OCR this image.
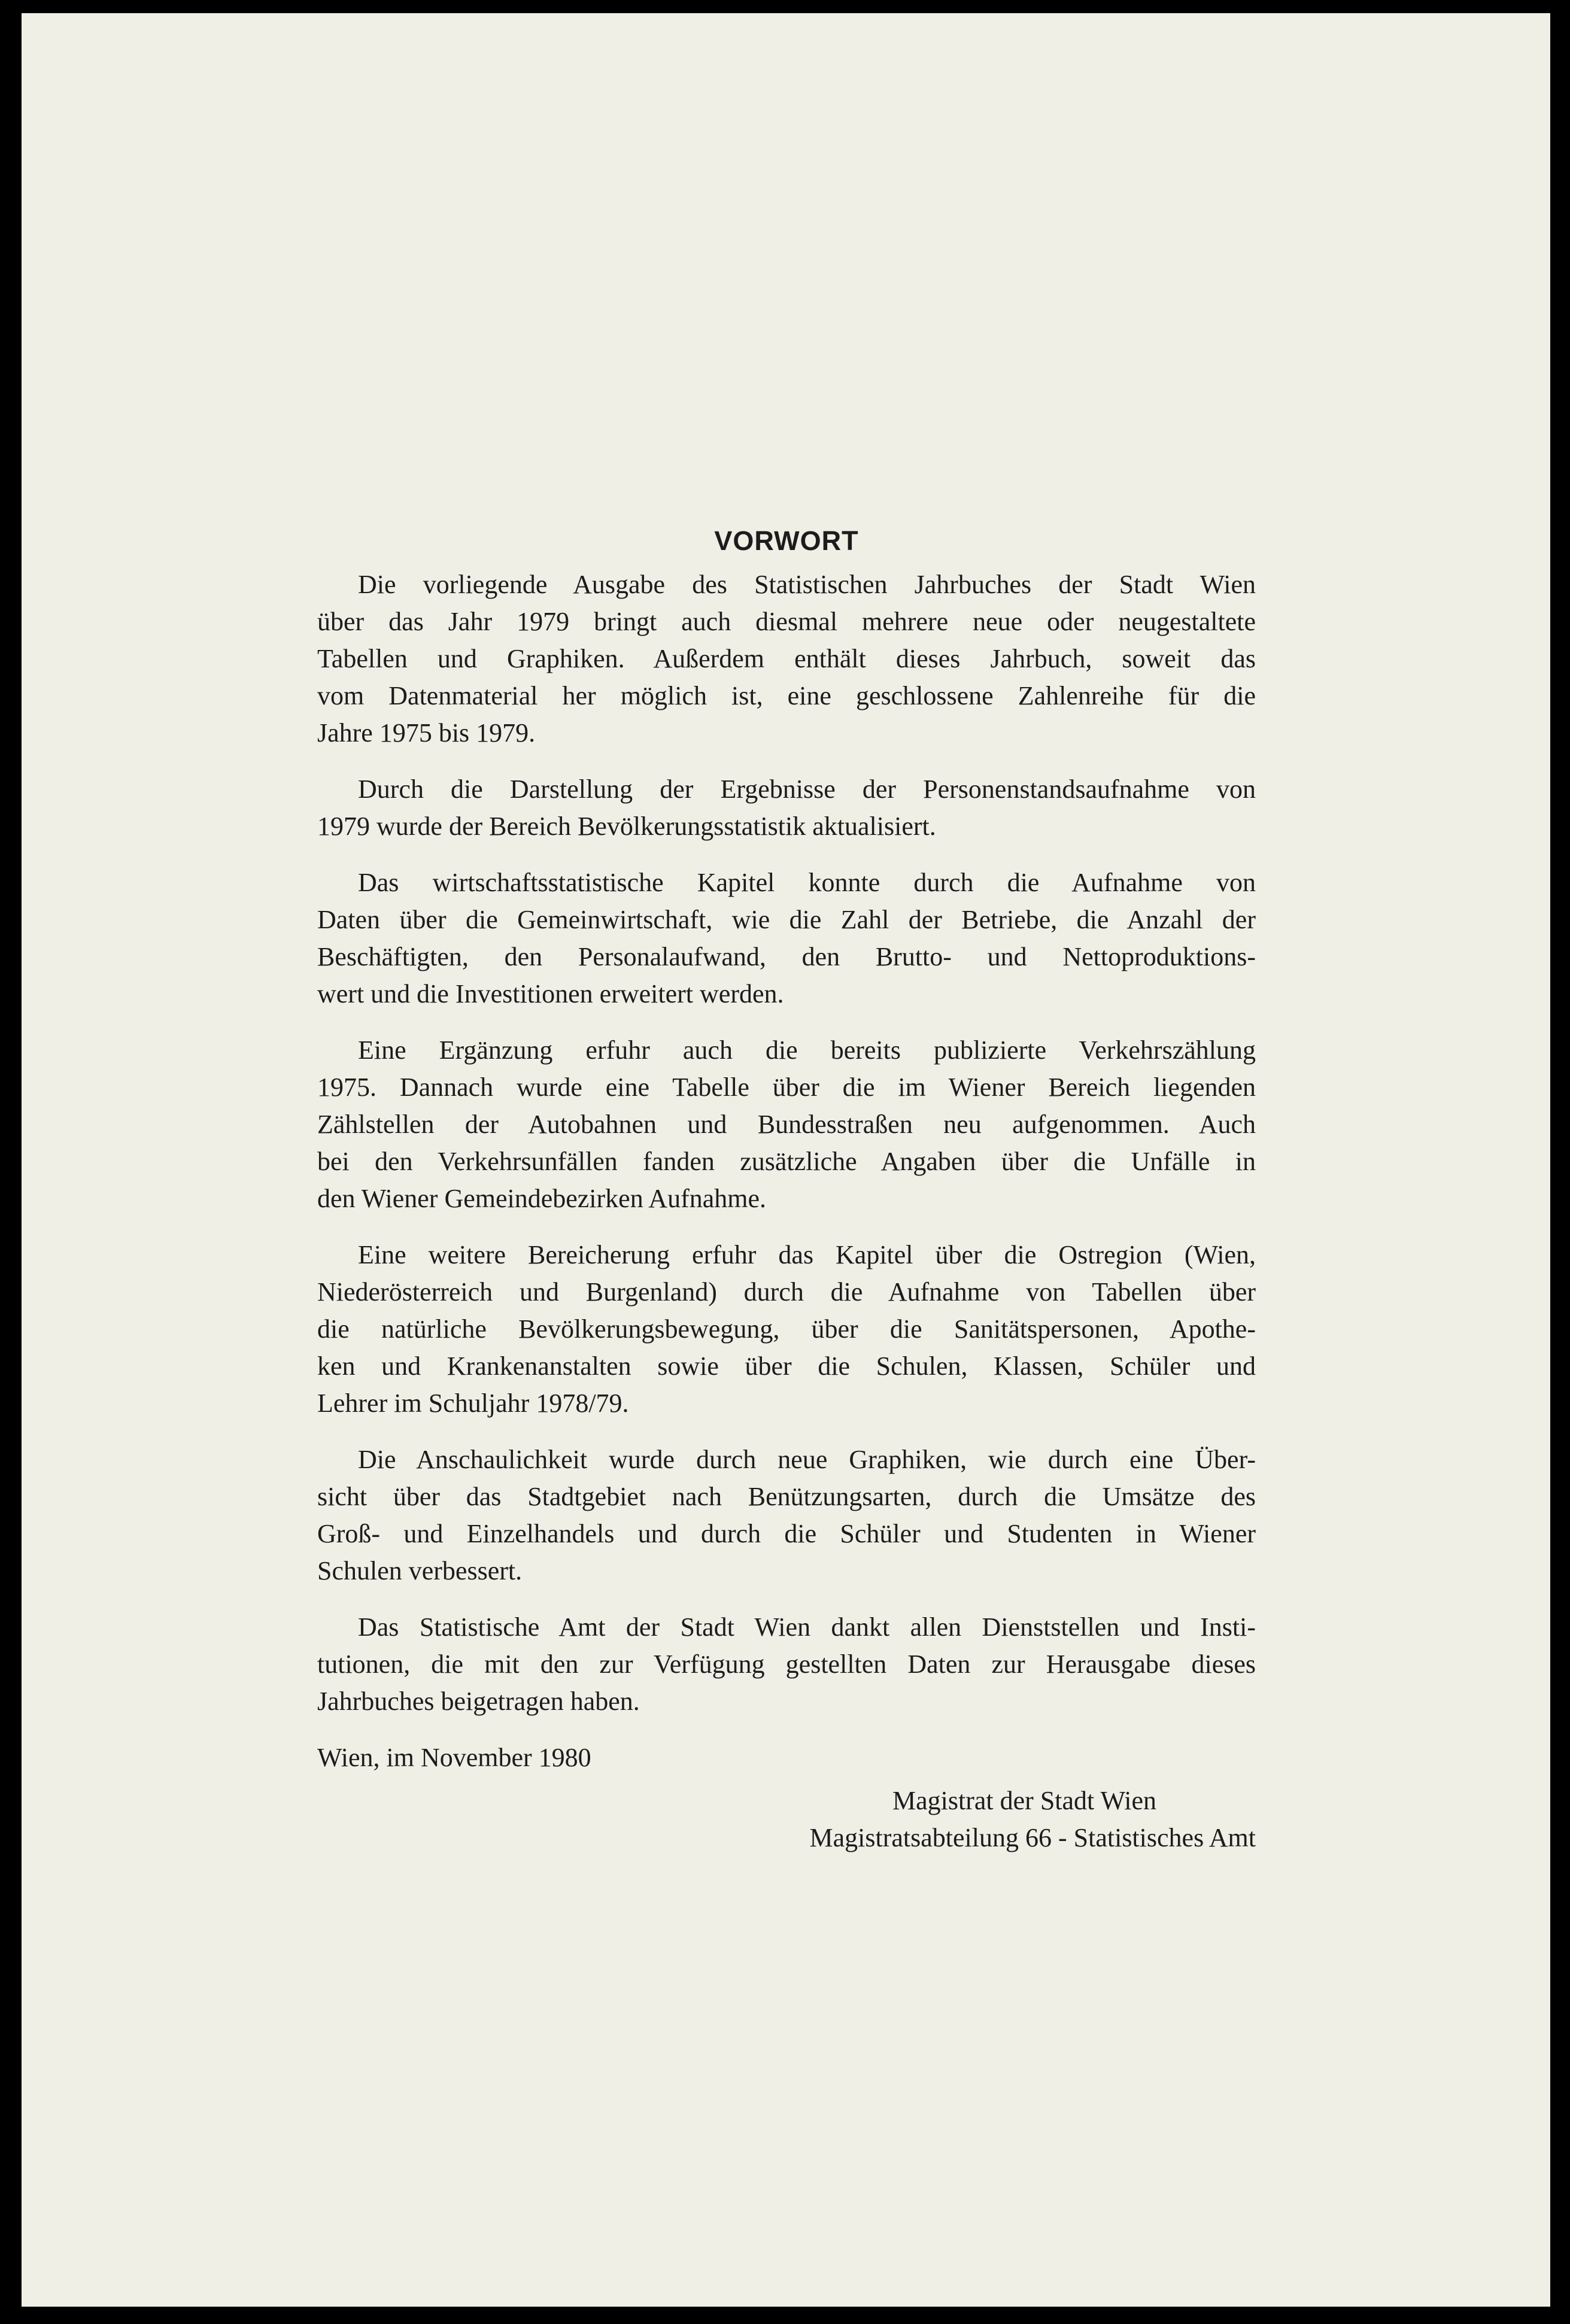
VORWORT
Die vorliegende Ausgabe des Statistischen Jahrbuches der Stadt Wien
über das Jahr 1979 bringt auch diesmal mehrere neue oder neugestaltete
Tabellen und Graphiken. Außerdem enthält dieses Jahrbuch, soweit das
vom Datenmaterial her möglich ist, eine geschlossene Zahlenreihe für die
Jahre 1975 bis 1979.
Durch die Darstellung der Ergebnisse der Personenstandsaufnahme von
1979 wurde der Bereich Bevölkerungsstatistik aktualisiert.
Das wirtschaftsstatistische Kapitel konnte durch die Aufnahme von
Daten über die Gemeinwirtschaft, wie die Zahl der Betriebe, die Anzahl der
Beschäftigten, den Personalaufwand, den Brutto- und Nettoproduktions-
wert und die Investitionen erweitert werden.
Eine Ergänzung erfuhr auch die bereits publizierte Verkehrszählung
1975. Dannach wurde eine Tabelle über die im Wiener Bereich liegenden
Zählstellen der Autobahnen und Bundesstraßen neu aufgenommen. Auch
bei den Verkehrsunfällen fanden zusätzliche Angaben über die Unfälle in
den Wiener Gemeindebezirken Aufnahme.
Eine weitere Bereicherung erfuhr das Kapitel über die Ostregion (Wien,
Niederösterreich und Burgenland) durch die Aufnahme von Tabellen über
die natürliche Bevölkerungsbewegung, über die Sanitätspersonen, Apothe-
ken und Krankenanstalten sowie über die Schulen, Klassen, Schüler und
Lehrer im Schuljahr 1978/79.
Die Anschaulichkeit wurde durch neue Graphiken, wie durch eine Über-
sicht über das Stadtgebiet nach Benützungsarten, durch die Umsätze des
Groß- und Einzelhandels und durch die Schüler und Studenten in Wiener
Schulen verbessert.
Das Statistische Amt der Stadt Wien dankt allen Dienststellen und Insti-
tutionen, die mit den zur Verfügung gestellten Daten zur Herausgabe dieses
Jahrbuches beigetragen haben.
Wien, im November 1980
Magistrat der Stadt Wien
Magistratsabteilung 66 - Statistisches Amt
